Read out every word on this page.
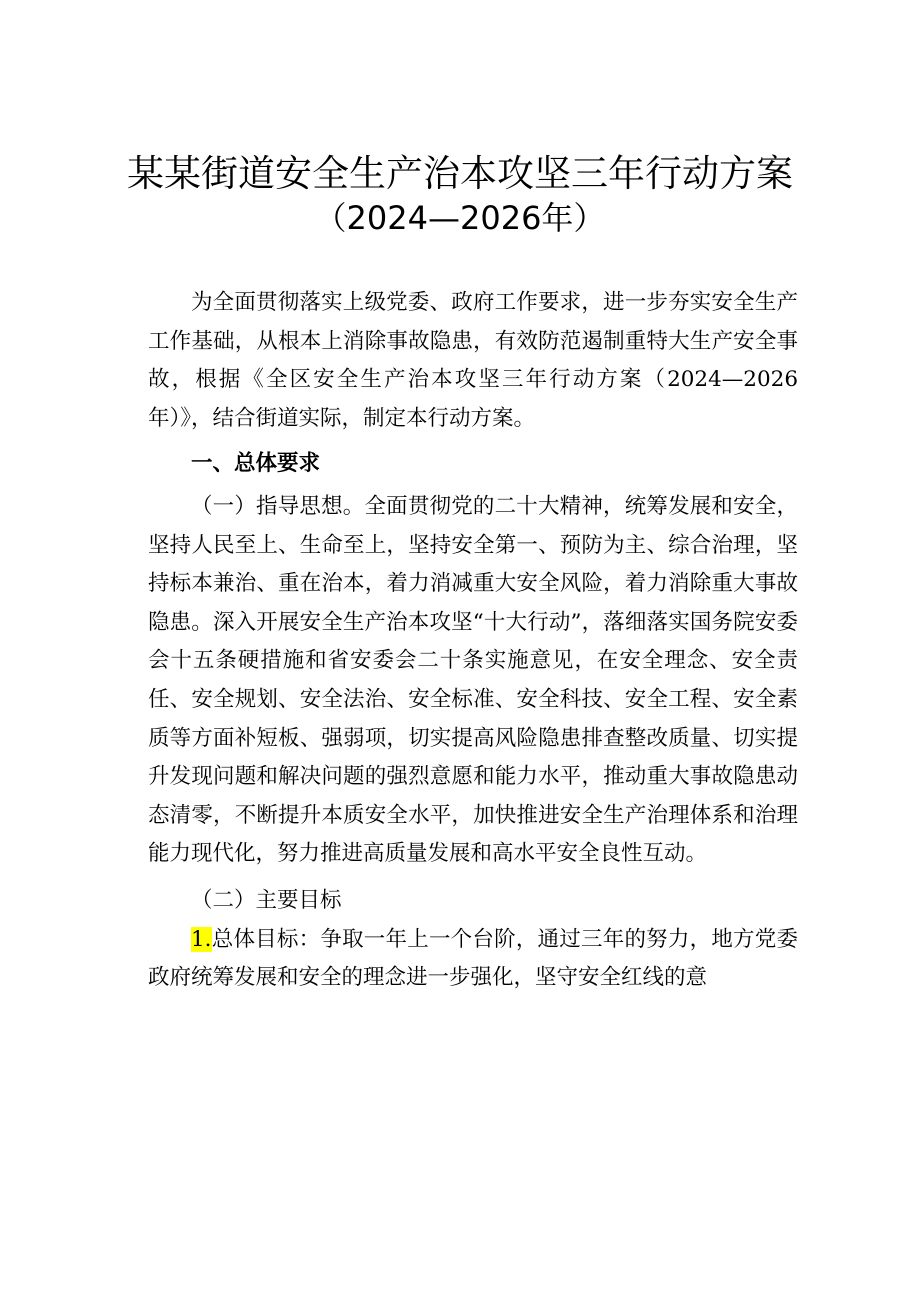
某某街道安全生产治本攻坚三年行动方案
（2024—2026年）

为全面贯彻落实上级党委、政府工作要求，进一步夯实安全生产工作基础，从根本上消除事故隐患，有效防范遏制重特大生产安全事故，根据《全区安全生产治本攻坚三年行动方案（2024—2026年）》，结合街道实际，制定本行动方案。

一、总体要求

（一）指导思想。全面贯彻党的二十大精神，统筹发展和安全，坚持人民至上、生命至上，坚持安全第一、预防为主、综合治理，坚持标本兼治、重在治本，着力消减重大安全风险，着力消除重大事故隐患。深入开展安全生产治本攻坚“十大行动”，落细落实国务院安委会十五条硬措施和省安委会二十条实施意见，在安全理念、安全责任、安全规划、安全法治、安全标准、安全科技、安全工程、安全素质等方面补短板、强弱项，切实提高风险隐患排查整改质量、切实提升发现问题和解决问题的强烈意愿和能力水平，推动重大事故隐患动态清零，不断提升本质安全水平，加快推进安全生产治理体系和治理能力现代化，努力推进高质量发展和高水平安全良性互动。

（二）主要目标

1.总体目标：争取一年上一个台阶，通过三年的努力，地方党委政府统筹发展和安全的理念进一步强化，坚守安全红线的意
